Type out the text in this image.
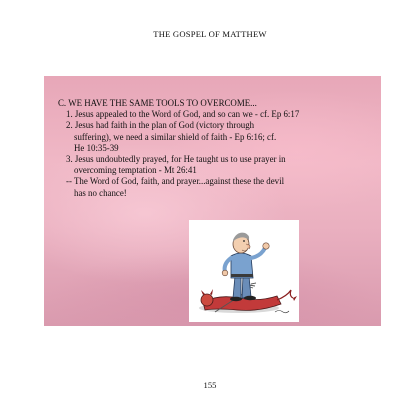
THE GOSPEL OF MATTHEW
C. WE HAVE THE SAME TOOLS TO OVERCOME...
1. Jesus appealed to the Word of God, and so can we - cf. Ep 6:17
2. Jesus had faith in the plan of God (victory through
suffering), we need a similar shield of faith - Ep 6:16; cf.
He 10:35-39
3. Jesus undoubtedly prayed, for He taught us to use prayer in
overcoming temptation - Mt 26:41
-- The Word of God, faith, and prayer...against these the devil
has no chance!
155
